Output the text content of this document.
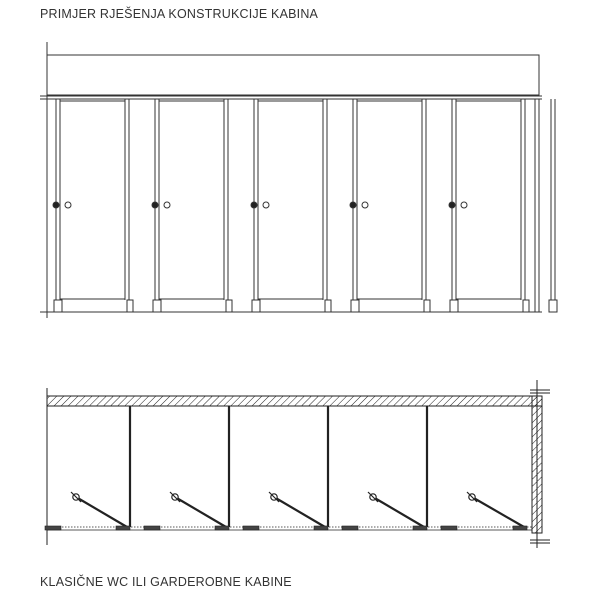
PRIMJER RJEŠENJA KONSTRUKCIJE KABINA
KLASIČNE WC ILI GARDEROBNE KABINE
